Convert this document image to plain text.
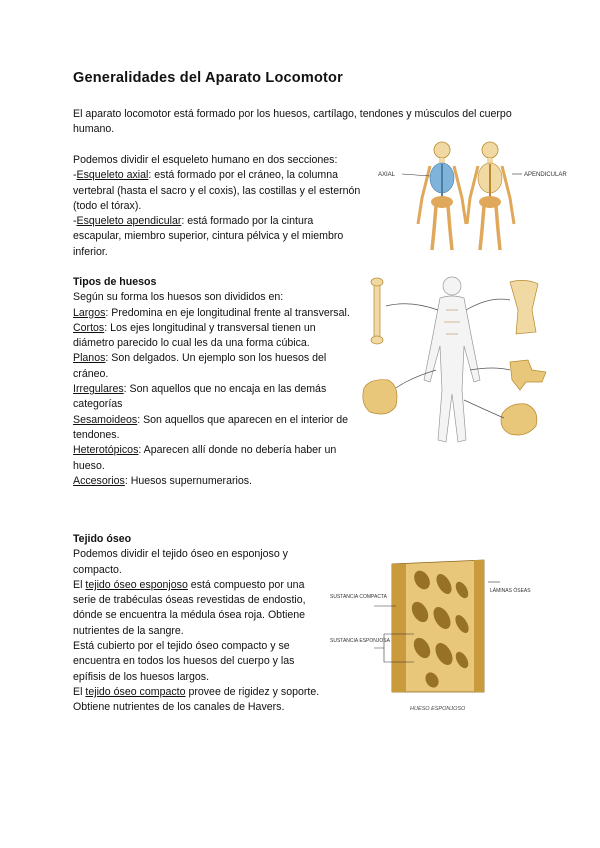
Generalidades del Aparato Locomotor

El aparato locomotor está formado por los huesos, cartílago, tendones y músculos del cuerpo humano.

Podemos dividir el esqueleto humano en dos secciones:

-Esqueleto axial: está formado por el cráneo, la columna vertebral (hasta el sacro y el coxis), las costillas y el esternón (todo el tórax).

-Esqueleto apendicular: está formado por la cintura escapular, miembro superior, cintura pélvica y el miembro inferior.

AXIAL	APENDICULAR

Tipos de huesos

Según su forma los huesos son divididos en:

Largos: Predomina en eje longitudinal frente al transversal.

Cortos: Los ejes longitudinal y transversal tienen un diámetro parecido lo cual les da una forma cúbica.

Planos: Son delgados. Un ejemplo son los huesos del cráneo.

Irregulares: Son aquellos que no encaja en las demás categorías

Sesamoideos: Son aquellos que aparecen en el interior de tendones.

Heterotópicos: Aparecen allí donde no debería haber un hueso.

Accesorios: Huesos supernumerarios.

Tejido óseo

Podemos dividir el tejido óseo en esponjoso y compacto.

El tejido óseo esponjoso está compuesto por una serie de trabéculas óseas revestidas de endostio, dónde se encuentra la médula ósea roja. Obtiene nutrientes de la sangre.

Está cubierto por el tejido óseo compacto y se encuentra en todos los huesos del cuerpo y las epífisis de los huesos largos.

El tejido óseo compacto provee de rigidez y soporte.

Obtiene nutrientes de los canales de Havers.

SUSTANCIA COMPACTA
SUSTANCIA ESPONJOSA
LÁMINAS ÓSEAS
HUESO ESPONJOSO
